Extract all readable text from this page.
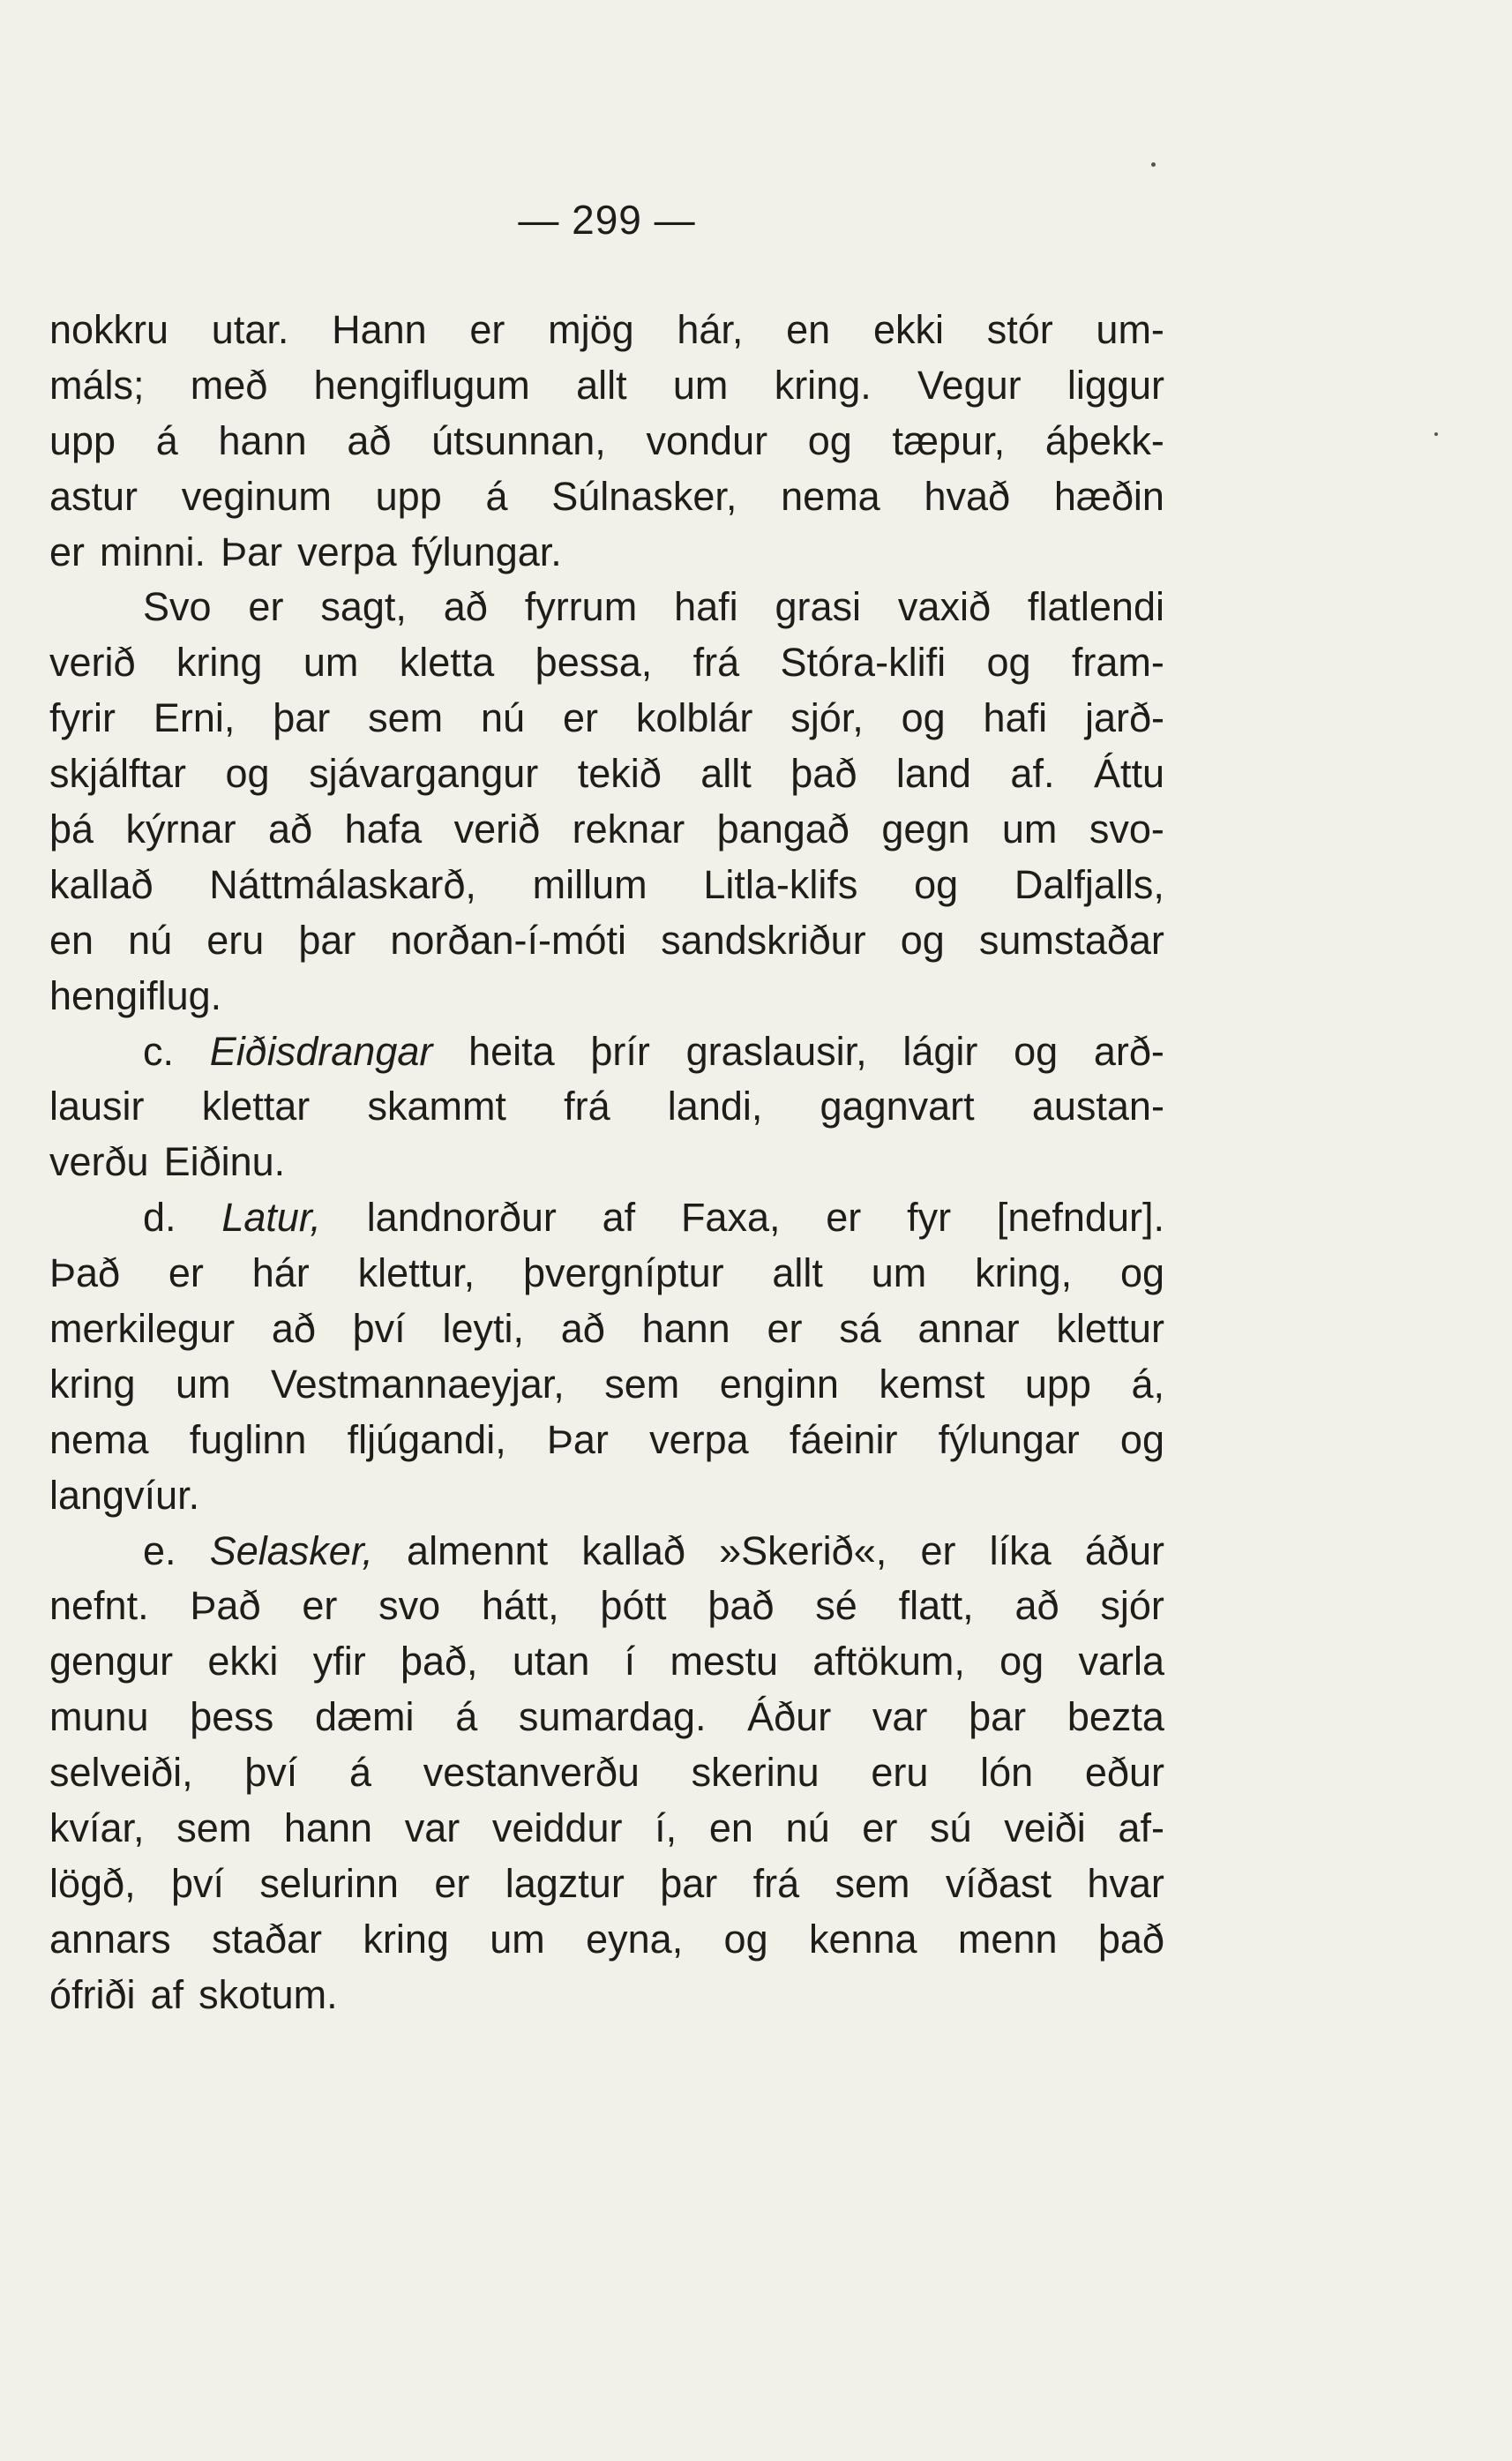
— 299 —
nokkru utar. Hann er mjög hár, en ekki stór um-
máls; með hengiflugum allt um kring. Vegur liggur
upp á hann að útsunnan, vondur og tæpur, áþekk-
astur veginum upp á Súlnasker, nema hvað hæðin
er minni. Þar verpa fýlungar.
Svo er sagt, að fyrrum hafi grasi vaxið flatlendi
verið kring um kletta þessa, frá Stóra-klifi og fram-
fyrir Erni, þar sem nú er kolblár sjór, og hafi jarð-
skjálftar og sjávargangur tekið allt það land af. Áttu
þá kýrnar að hafa verið reknar þangað gegn um svo-
kallað Náttmálaskarð, millum Litla-klifs og Dalfjalls,
en nú eru þar norðan-í-móti sandskriður og sumstaðar
hengiflug.
c. Eiðisdrangar heita þrír graslausir, lágir og arð-
lausir klettar skammt frá landi, gagnvart austan-
verðu Eiðinu.
d. Latur, landnorður af Faxa, er fyr [nefndur].
Það er hár klettur, þvergníptur allt um kring, og
merkilegur að því leyti, að hann er sá annar klettur
kring um Vestmannaeyjar, sem enginn kemst upp á,
nema fuglinn fljúgandi, Þar verpa fáeinir fýlungar og
langvíur.
e. Selasker, almennt kallað »Skerið«, er líka áður
nefnt. Það er svo hátt, þótt það sé flatt, að sjór
gengur ekki yfir það, utan í mestu aftökum, og varla
munu þess dæmi á sumardag. Áður var þar bezta
selveiði, því á vestanverðu skerinu eru lón eður
kvíar, sem hann var veiddur í, en nú er sú veiði af-
lögð, því selurinn er lagztur þar frá sem víðast hvar
annars staðar kring um eyna, og kenna menn það
ófriði af skotum.
